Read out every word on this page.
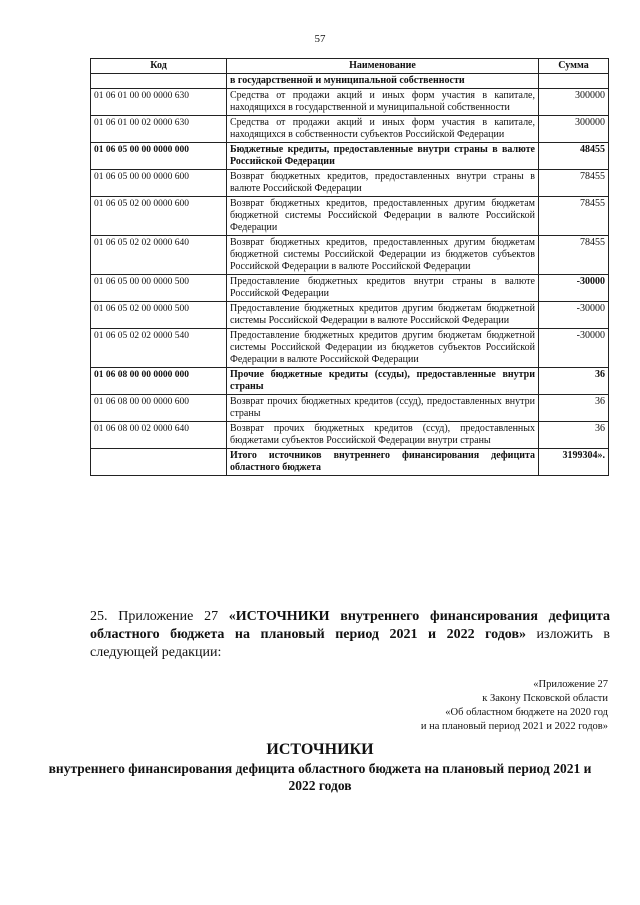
57
Код	Наименование	Сумма
	в государственной и муниципальной собственности	
01 06 01 00 00 0000 630	Средства от продажи акций и иных форм участия в капитале, находящихся в государственной и муниципальной собственности	300000
01 06 01 00 02 0000 630	Средства от продажи акций и иных форм участия в капитале, находящихся в собственности субъектов Российской Федерации	300000
01 06 05 00 00 0000 000	Бюджетные кредиты, предоставленные внутри страны в валюте Российской Федерации	48455
01 06 05 00 00 0000 600	Возврат бюджетных кредитов, предоставленных внутри страны в валюте Российской Федерации	78455
01 06 05 02 00 0000 600	Возврат бюджетных кредитов, предоставленных другим бюджетам бюджетной системы Российской Федерации в валюте Российской Федерации	78455
01 06 05 02 02 0000 640	Возврат бюджетных кредитов, предоставленных другим бюджетам бюджетной системы Российской Федерации из бюджетов субъектов Российской Федерации в валюте Российской Федерации	78455
01 06 05 00 00 0000 500	Предоставление бюджетных кредитов внутри страны в валюте Российской Федерации	-30000
01 06 05 02 00 0000 500	Предоставление бюджетных кредитов другим бюджетам бюджетной системы Российской Федерации в валюте Российской Федерации	-30000
01 06 05 02 02 0000 540	Предоставление бюджетных кредитов другим бюджетам бюджетной системы Российской Федерации из бюджетов субъектов Российской Федерации в валюте Российской Федерации	-30000
01 06 08 00 00 0000 000	Прочие бюджетные кредиты (ссуды), предоставленные внутри страны	36
01 06 08 00 00 0000 600	Возврат прочих бюджетных кредитов (ссуд), предоставленных внутри страны	36
01 06 08 00 02 0000 640	Возврат прочих бюджетных кредитов (ссуд), предоставленных бюджетами субъектов Российской Федерации внутри страны	36
	Итого источников внутреннего финансирования дефицита областного бюджета	3199304».
25. Приложение 27 «ИСТОЧНИКИ внутреннего финансирования дефицита областного бюджета на плановый период 2021 и 2022 годов» изложить в следующей редакции:
«Приложение 27
к Закону Псковской области
«Об областном бюджете на 2020 год
и на плановый период 2021 и 2022 годов»
ИСТОЧНИКИ
внутреннего финансирования дефицита областного бюджета на плановый период 2021 и 2022 годов
